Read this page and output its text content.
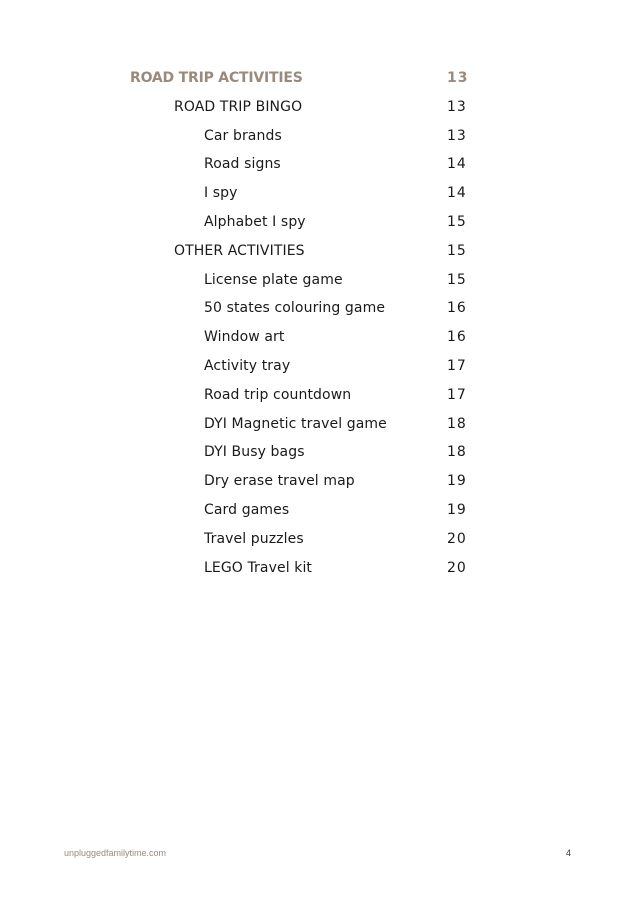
ROAD TRIP ACTIVITIES	13
ROAD TRIP BINGO	13
Car brands	13
Road signs	14
I spy	14
Alphabet I spy	15
OTHER ACTIVITIES	15
License plate game	15
50 states colouring game	16
Window art	16
Activity tray	17
Road trip countdown	17
DYI Magnetic travel game	18
DYI Busy bags	18
Dry erase travel map	19
Card games	19
Travel puzzles	20
LEGO Travel kit	20
unpluggedfamilytime.com	4
